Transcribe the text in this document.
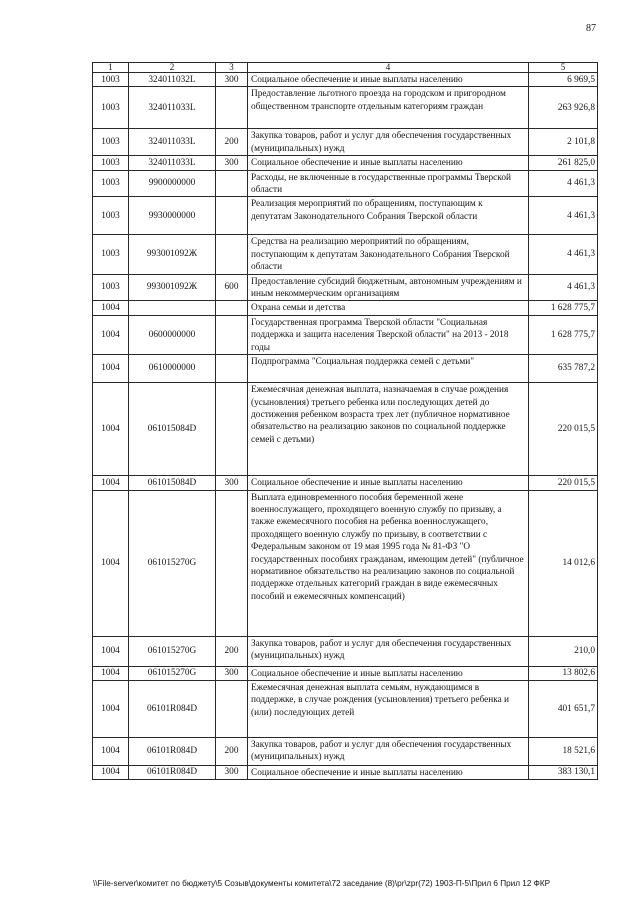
87
1	2	3	4	5
1003	324011032L	300	Социальное обеспечение и иные выплаты населению	6 969,5
1003	324011033L		Предоставление льготного проезда на городском и пригородном общественном транспорте отдельным категориям граждан	263 926,8
1003	324011033L	200	Закупка товаров, работ и услуг для обеспечения государственных (муниципальных) нужд	2 101,8
1003	324011033L	300	Социальное обеспечение и иные выплаты населению	261 825,0
1003	9900000000		Расходы, не включенные в государственные программы Тверской области	4 461,3
1003	9930000000		Реализация мероприятий по обращениям, поступающим к депутатам Законодательного Собрания Тверской области	4 461,3
1003	993001092Ж		Средства на реализацию мероприятий по обращениям, поступающим к депутатам Законодательного Собрания Тверской области	4 461,3
1003	993001092Ж	600	Предоставление субсидий бюджетным, автономным учреждениям и иным некоммерческим организациям	4 461,3
1004			Охрана семьи и детства	1 628 775,7
1004	0600000000		Государственная программа Тверской области "Социальная поддержка и защита населения Тверской области" на 2013 - 2018 годы	1 628 775,7
1004	0610000000		Подпрограмма "Социальная поддержка семей с детьми"	635 787,2
1004	061015084D		Ежемесячная денежная выплата, назначаемая в случае рождения (усыновления) третьего ребенка или последующих детей до достижения ребенком возраста трех лет (публичное нормативное обязательство на реализацию законов по социальной поддержке семей с детьми)	220 015,5
1004	061015084D	300	Социальное обеспечение и иные выплаты населению	220 015,5
1004	061015270G		Выплата единовременного пособия беременной жене военнослужащего, проходящего военную службу по призыву, а также ежемесячного пособия на ребенка военнослужащего, проходящего военную службу по призыву, в соответствии с Федеральным законом от 19 мая 1995 года № 81-ФЗ "О государственных пособиях гражданам, имеющим детей" (публичное нормативное обязательство на реализацию законов по социальной поддержке отдельных категорий граждан в виде ежемесячных пособий и ежемесячных компенсаций)	14 012,6
1004	061015270G	200	Закупка товаров, работ и услуг для обеспечения государственных (муниципальных) нужд	210,0
1004	061015270G	300	Социальное обеспечение и иные выплаты населению	13 802,6
1004	06101R084D		Ежемесячная денежная выплата семьям, нуждающимся в поддержке, в случае рождения (усыновления) третьего ребенка и (или) последующих детей	401 651,7
1004	06101R084D	200	Закупка товаров, работ и услуг для обеспечения государственных (муниципальных) нужд	18 521,6
1004	06101R084D	300	Социальное обеспечение и иные выплаты населению	383 130,1
\\File-server\комитет по бюджету\5 Созыв\документы комитета\72 заседание (8)\pr\zpr(72) 1903-П-5\Прил 6 Прил 12 ФКР
